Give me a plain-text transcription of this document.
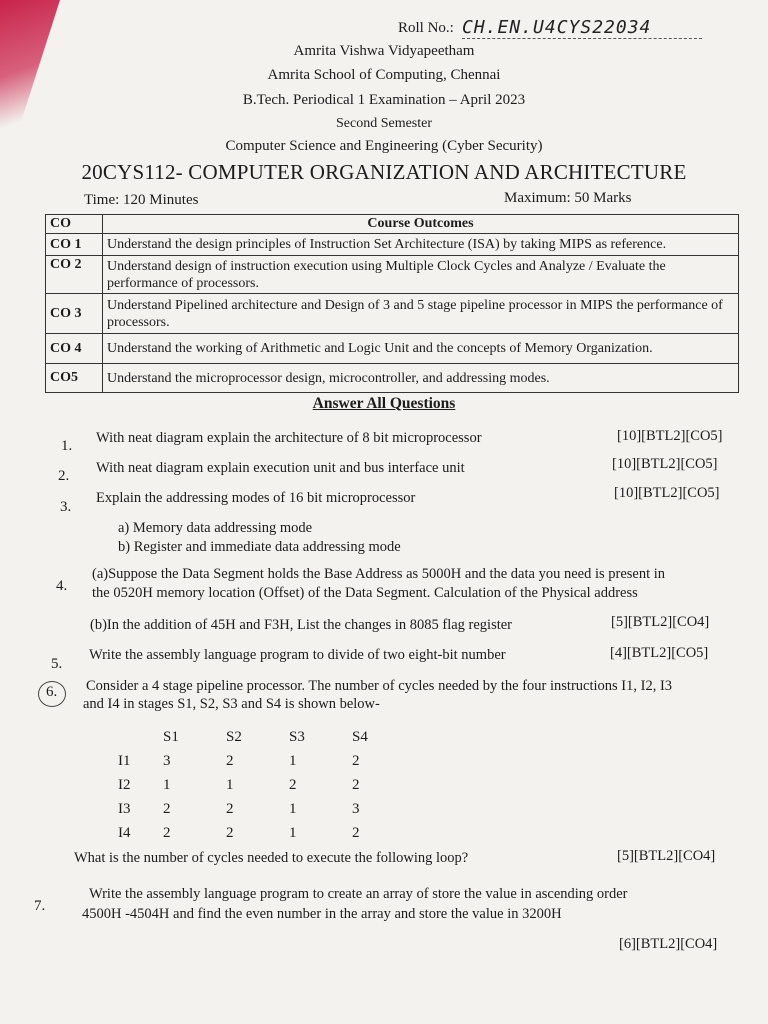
Roll No.: CH.EN.U4CYS22034
Amrita Vishwa Vidyapeetham
Amrita School of Computing, Chennai
B.Tech. Periodical 1 Examination – April 2023
Second Semester
Computer Science and Engineering (Cyber Security)
20CYS112- COMPUTER ORGANIZATION AND ARCHITECTURE
Time: 120 Minutes	Maximum: 50 Marks
CO	Course Outcomes
CO 1	Understand the design principles of Instruction Set Architecture (ISA) by taking MIPS as reference.
CO 2	Understand design of instruction execution using Multiple Clock Cycles and Analyze / Evaluate the performance of processors.
CO 3	Understand Pipelined architecture and Design of 3 and 5 stage pipeline processor in MIPS the performance of processors.
CO 4	Understand the working of Arithmetic and Logic Unit and the concepts of Memory Organization.
CO5	Understand the microprocessor design, microcontroller, and addressing modes.
Answer All Questions
1. With neat diagram explain the architecture of 8 bit microprocessor	[10][BTL2][CO5]
2. With neat diagram explain execution unit and bus interface unit	[10][BTL2][CO5]
3.
Explain the addressing modes of 16 bit microprocessor	[10][BTL2][CO5]
a) Memory data addressing mode
b) Register and immediate data addressing mode
4.
(a)Suppose the Data Segment holds the Base Address as 5000H and the data you need is present in
the 0520H memory location (Offset) of the Data Segment. Calculation of the Physical address
(b)In the addition of 45H and F3H, List the changes in 8085 flag register	[5][BTL2][CO4]
5.
Write the assembly language program to divide of two eight-bit number	[4][BTL2][CO5]
6. Consider a 4 stage pipeline processor. The number of cycles needed by the four instructions I1, I2, I3
and I4 in stages S1, S2, S3 and S4 is shown below-
	S1	S2	S3	S4
I1	3	2	1	2
I2	1	1	2	2
I3	2	2	1	3
I4	2	2	1	2
What is the number of cycles needed to execute the following loop?	[5][BTL2][CO4]
7.
Write the assembly language program to create an array of store the value in ascending order
4500H -4504H and find the even number in the array and store the value in 3200H
[6][BTL2][CO4]
